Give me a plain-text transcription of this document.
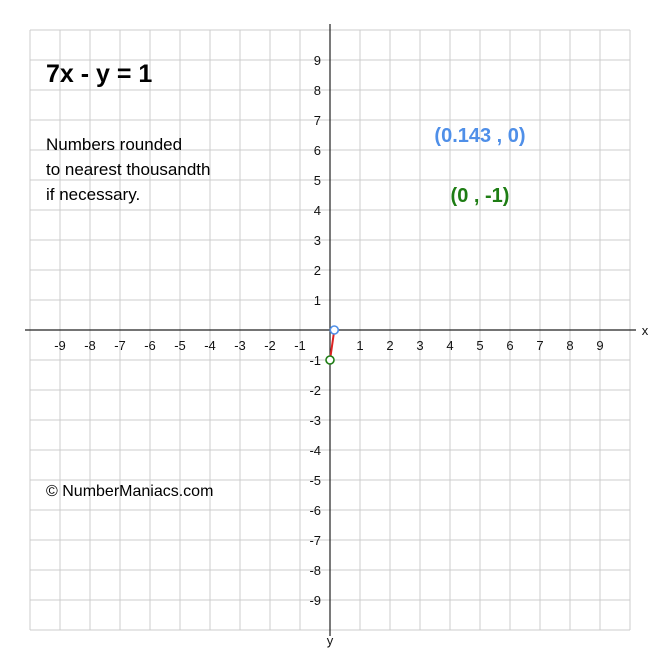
x
y
-9 -8 -7 -6 -5 -4 -3 -2 -1	1 2 3 4 5 6 7 8 9
9
8
7
6
5
4
3
2
1
-1
-2
-3
-4
-5
-6
-7
-8
-9
(0.143 , 0)
(0 , -1)
7x - y = 1
Numbers rounded
to nearest thousandth
if necessary.
© NumberManiacs.com
